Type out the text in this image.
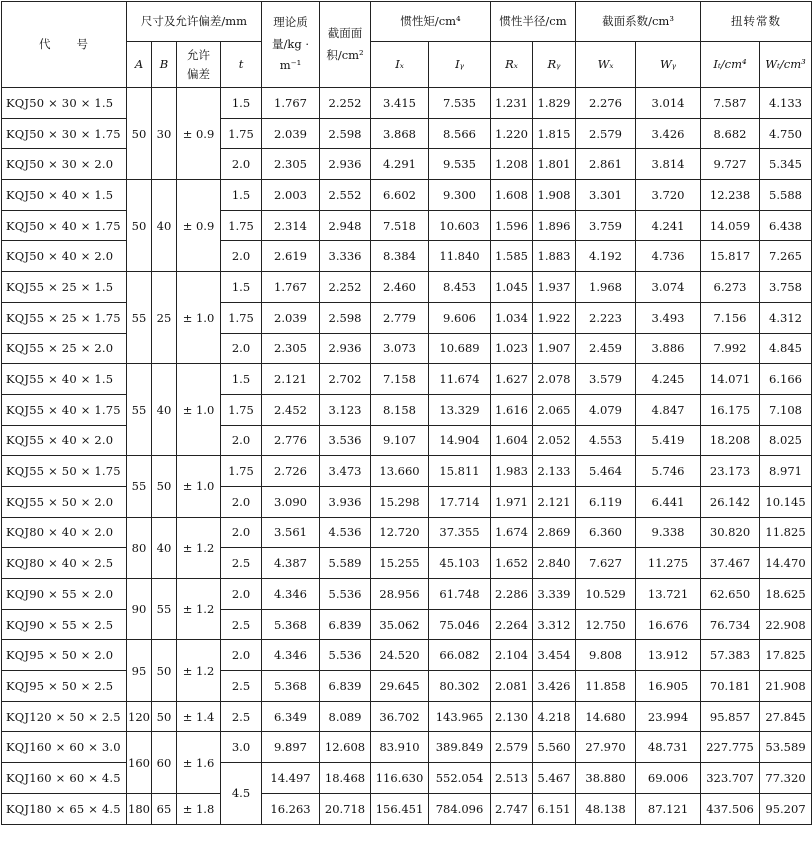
代　　号	尺寸及允许偏差/mm				理论质量/kg · m⁻¹	截面面积/cm²	惯性矩/cm⁴		惯性半径/cm		截面系数/cm³		扭转常数	
	A	B	允许偏差	t			Iₓ	Iᵧ	Rₓ	Rᵧ	Wₓ	Wᵧ	Iₜ/cm⁴	Wₜ/cm³
KQJ50 × 30 × 1.5	50	30	± 0.9	1.5	1.767	2.252	3.415	7.535	1.231	1.829	2.276	3.014	7.587	4.133
KQJ50 × 30 × 1.75				1.75	2.039	2.598	3.868	8.566	1.220	1.815	2.579	3.426	8.682	4.750
KQJ50 × 30 × 2.0				2.0	2.305	2.936	4.291	9.535	1.208	1.801	2.861	3.814	9.727	5.345
KQJ50 × 40 × 1.5	50	40	± 0.9	1.5	2.003	2.552	6.602	9.300	1.608	1.908	3.301	3.720	12.238	5.588
KQJ50 × 40 × 1.75				1.75	2.314	2.948	7.518	10.603	1.596	1.896	3.759	4.241	14.059	6.438
KQJ50 × 40 × 2.0				2.0	2.619	3.336	8.384	11.840	1.585	1.883	4.192	4.736	15.817	7.265
KQJ55 × 25 × 1.5	55	25	± 1.0	1.5	1.767	2.252	2.460	8.453	1.045	1.937	1.968	3.074	6.273	3.758
KQJ55 × 25 × 1.75				1.75	2.039	2.598	2.779	9.606	1.034	1.922	2.223	3.493	7.156	4.312
KQJ55 × 25 × 2.0				2.0	2.305	2.936	3.073	10.689	1.023	1.907	2.459	3.886	7.992	4.845
KQJ55 × 40 × 1.5	55	40	± 1.0	1.5	2.121	2.702	7.158	11.674	1.627	2.078	3.579	4.245	14.071	6.166
KQJ55 × 40 × 1.75				1.75	2.452	3.123	8.158	13.329	1.616	2.065	4.079	4.847	16.175	7.108
KQJ55 × 40 × 2.0				2.0	2.776	3.536	9.107	14.904	1.604	2.052	4.553	5.419	18.208	8.025
KQJ55 × 50 × 1.75	55	50	± 1.0	1.75	2.726	3.473	13.660	15.811	1.983	2.133	5.464	5.746	23.173	8.971
KQJ55 × 50 × 2.0				2.0	3.090	3.936	15.298	17.714	1.971	2.121	6.119	6.441	26.142	10.145
KQJ80 × 40 × 2.0	80	40	± 1.2	2.0	3.561	4.536	12.720	37.355	1.674	2.869	6.360	9.338	30.820	11.825
KQJ80 × 40 × 2.5				2.5	4.387	5.589	15.255	45.103	1.652	2.840	7.627	11.275	37.467	14.470
KQJ90 × 55 × 2.0	90	55	± 1.2	2.0	4.346	5.536	28.956	61.748	2.286	3.339	10.529	13.721	62.650	18.625
KQJ90 × 55 × 2.5				2.5	5.368	6.839	35.062	75.046	2.264	3.312	12.750	16.676	76.734	22.908
KQJ95 × 50 × 2.0	95	50	± 1.2	2.0	4.346	5.536	24.520	66.082	2.104	3.454	9.808	13.912	57.383	17.825
KQJ95 × 50 × 2.5				2.5	5.368	6.839	29.645	80.302	2.081	3.426	11.858	16.905	70.181	21.908
KQJ120 × 50 × 2.5	120	50	± 1.4	2.5	6.349	8.089	36.702	143.965	2.130	4.218	14.680	23.994	95.857	27.845
KQJ160 × 60 × 3.0	160	60	± 1.6	3.0	9.897	12.608	83.910	389.849	2.579	5.560	27.970	48.731	227.775	53.589
KQJ160 × 60 × 4.5				4.5	14.497	18.468	116.630	552.054	2.513	5.467	38.880	69.006	323.707	77.320
KQJ180 × 65 × 4.5	180	65	± 1.8		16.263	20.718	156.451	784.096	2.747	6.151	48.138	87.121	437.506	95.207
